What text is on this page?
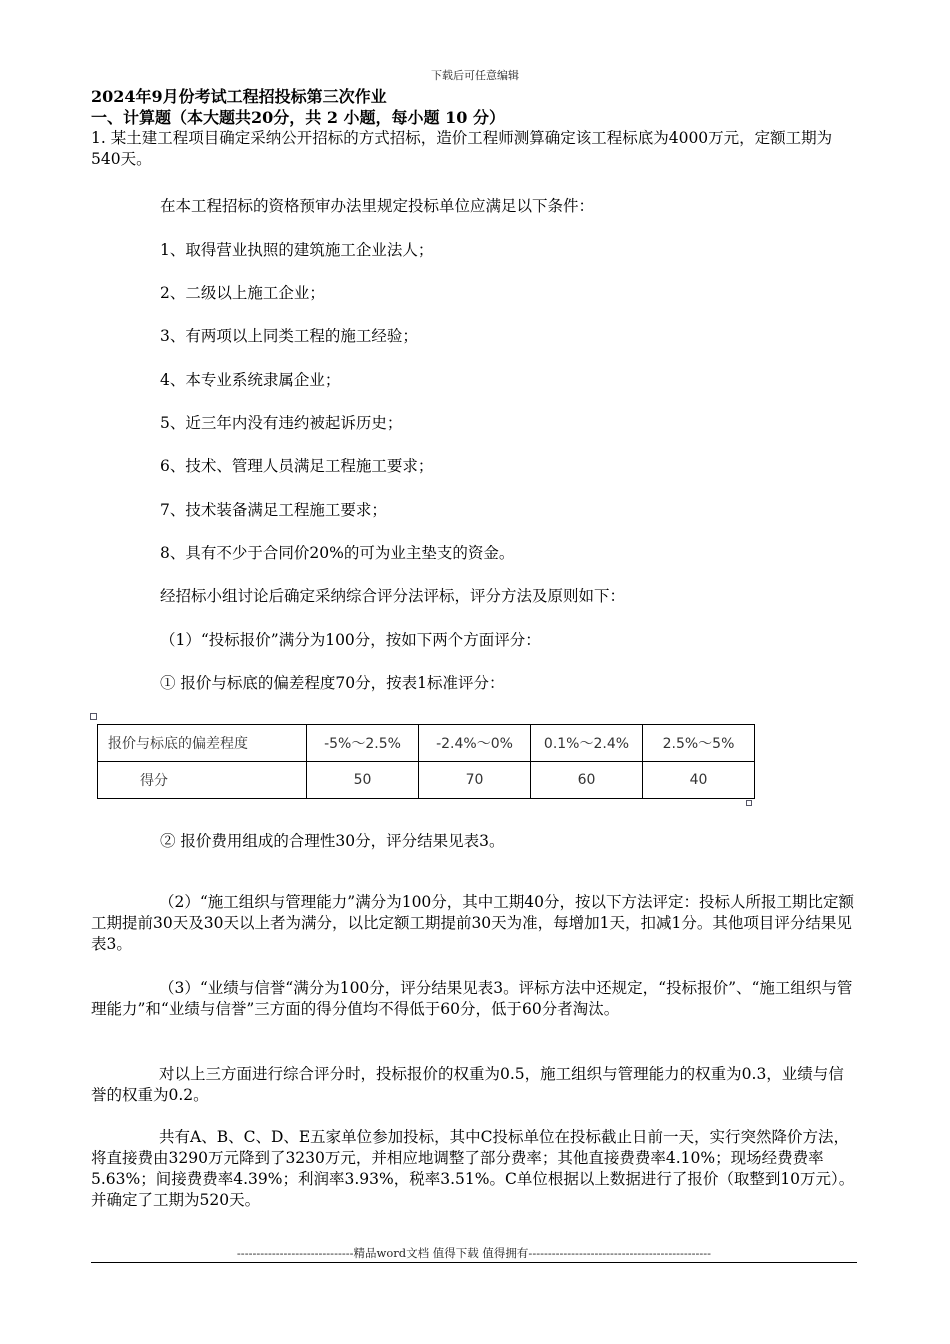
下载后可任意编辑

2024年9月份考试工程招投标第三次作业

一、计算题（本大题共20分，共 2 小题，每小题 10 分）

1. 某土建工程项目确定采纳公开招标的方式招标，造价工程师测算确定该工程标底为4000万元，定额工期为540天。

在本工程招标的资格预审办法里规定投标单位应满足以下条件：
1、取得营业执照的建筑施工企业法人；
2、二级以上施工企业；
3、有两项以上同类工程的施工经验；
4、本专业系统隶属企业；
5、近三年内没有违约被起诉历史；
6、技术、管理人员满足工程施工要求；
7、技术装备满足工程施工要求；
8、具有不少于合同价20%的可为业主垫支的资金。
经招标小组讨论后确定采纳综合评分法评标，评分方法及原则如下：
（1）“投标报价”满分为100分，按如下两个方面评分：
① 报价与标底的偏差程度70分，按表1标准评分：
报价与标底的偏差程度	-5%～2.5%	-2.4%～0%	0.1%～2.4%	2.5%～5%
得分	50	70	60	40
② 报价费用组成的合理性30分，评分结果见表3。

（2）“施工组织与管理能力”满分为100分，其中工期40分，按以下方法评定：投标人所报工期比定额工期提前30天及30天以上者为满分，以比定额工期提前30天为准，每增加1天，扣减1分。其他项目评分结果见表3。

（3）“业绩与信誉“满分为100分，评分结果见表3。评标方法中还规定，“投标报价”、“施工组织与管理能力”和“业绩与信誉”三方面的得分值均不得低于60分，低于60分者淘汰。

对以上三方面进行综合评分时，投标报价的权重为0.5，施工组织与管理能力的权重为0.3，业绩与信誉的权重为0.2。

共有A、B、C、D、E五家单位参加投标，其中C投标单位在投标截止日前一天，实行突然降价方法，将直接费由3290万元降到了3230万元，并相应地调整了部分费率；其他直接费费率4.10%；现场经费费率5.63%；间接费费率4.39%；利润率3.93%，税率3.51%。C单位根据以上数据进行了报价（取整到10万元）。并确定了工期为520天。

------------------------------精品word文档 值得下载 值得拥有-----------------------------------------------
